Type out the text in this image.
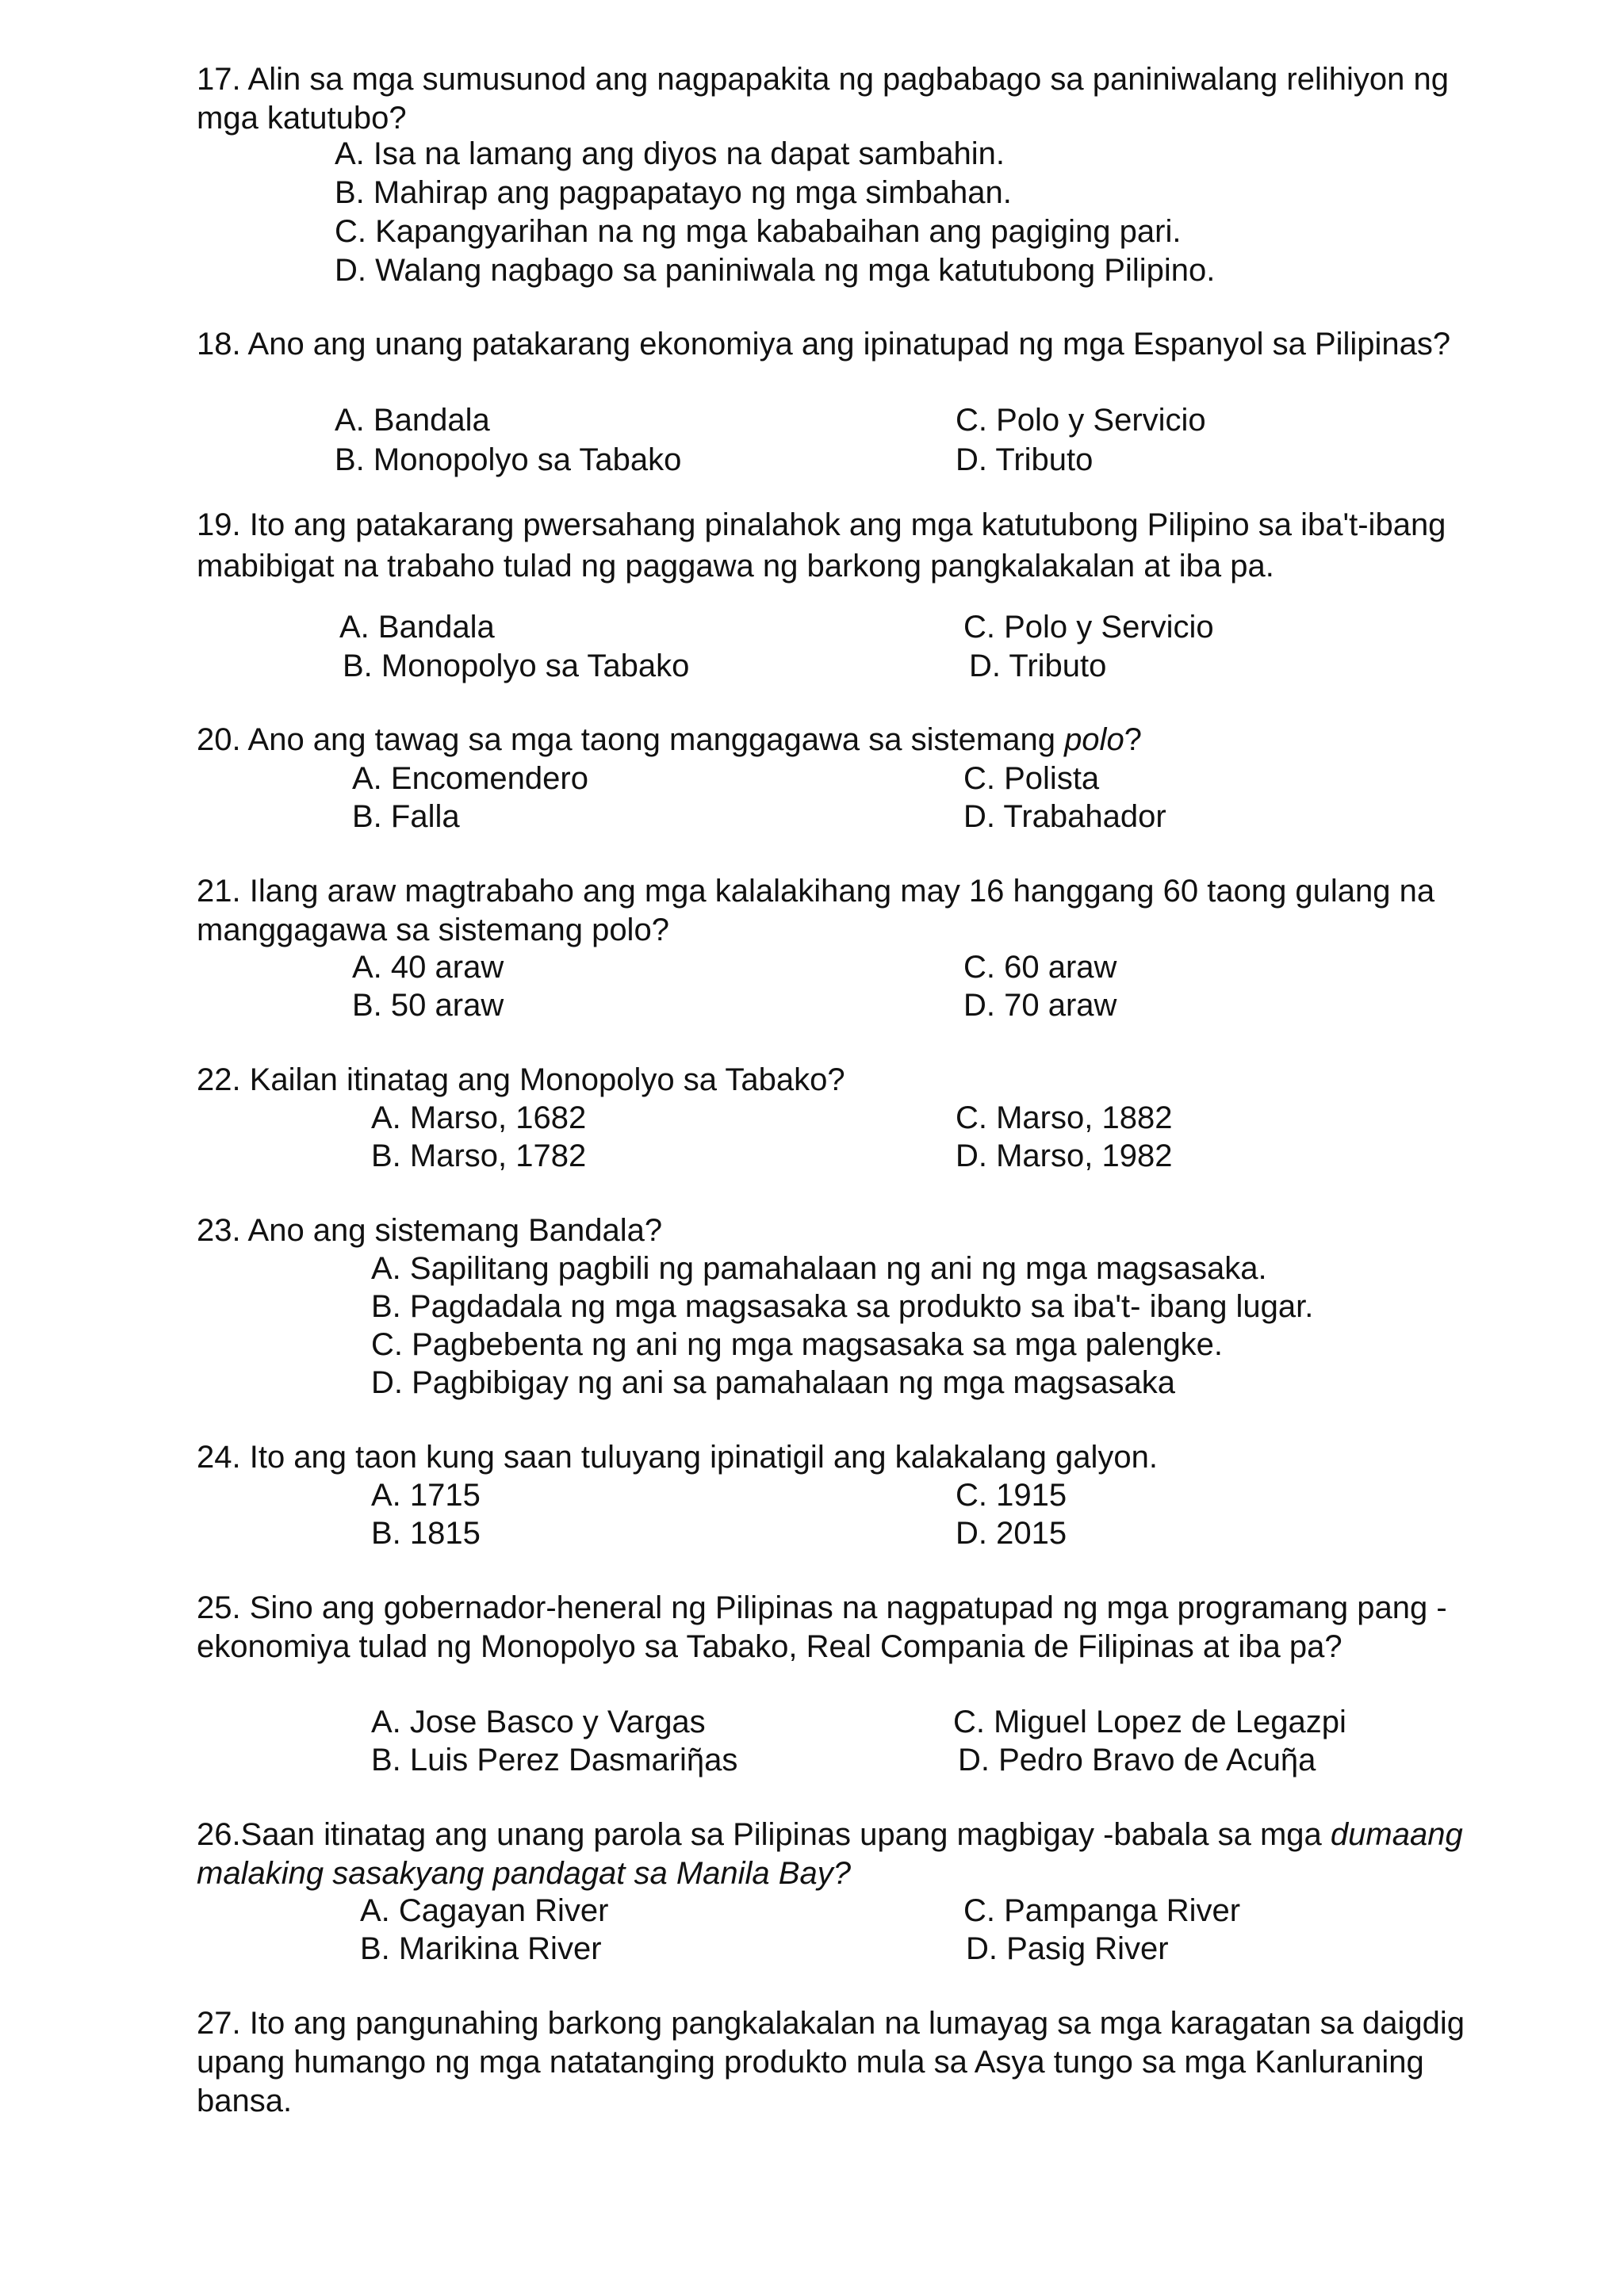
17. Alin sa mga sumusunod ang nagpapakita ng pagbabago sa paniniwalang relihiyon ng mga katutubo?

A. Isa na lamang ang diyos na dapat sambahin.
B. Mahirap ang pagpapatayo ng mga simbahan.
C. Kapangyarihan na ng mga kababaihan ang pagiging pari.
D. Walang nagbago sa paniniwala ng mga katutubong Pilipino.

18. Ano ang unang patakarang ekonomiya ang ipinatupad ng mga Espanyol sa Pilipinas?

A. Bandala
B. Monopolyo sa Tabako
C. Polo y Servicio
D. Tributo

19. Ito ang patakarang pwersahang pinalahok ang mga katutubong Pilipino sa iba't-ibang mabibigat na trabaho tulad ng paggawa ng barkong pangkalakalan at iba pa.

A. Bandala
B. Monopolyo sa Tabako
C. Polo y Servicio
D. Tributo

20. Ano ang tawag sa mga taong manggagawa sa sistemang polo?

A. Encomendero
B. Falla
C. Polista
D. Trabahador

21. Ilang araw magtrabaho ang mga kalalakihang may 16 hanggang 60 taong gulang na manggagawa sa sistemang polo?

A. 40 araw
B. 50 araw
C. 60 araw
D. 70 araw

22. Kailan itinatag ang Monopolyo sa Tabako?

A. Marso, 1682
B. Marso, 1782
C. Marso, 1882
D. Marso, 1982

23. Ano ang sistemang Bandala?

A. Sapilitang pagbili ng pamahalaan ng ani ng mga magsasaka.
B. Pagdadala ng mga magsasaka sa produkto sa iba't- ibang lugar.
C. Pagbebenta ng ani ng mga magsasaka sa mga palengke.
D. Pagbibigay ng ani sa pamahalaan ng mga magsasaka

24. Ito ang taon kung saan tuluyang ipinatigil ang kalakalang galyon.

A. 1715
B. 1815
C. 1915
D. 2015

25. Sino ang gobernador-heneral ng Pilipinas na nagpatupad ng mga programang pang -ekonomiya tulad ng Monopolyo sa Tabako, Real Compania de Filipinas at iba pa?

A. Jose Basco y Vargas
B. Luis Perez Dasmariῆas
C. Miguel Lopez de Legazpi
D. Pedro Bravo de Acuῆa

26.Saan itinatag ang unang parola sa Pilipinas upang magbigay -babala sa mga dumaang malaking sasakyang pandagat sa Manila Bay?

A. Cagayan River
B. Marikina River
C. Pampanga River
D. Pasig River

27. Ito ang pangunahing barkong pangkalakalan na lumayag sa mga karagatan sa daigdig upang humango ng mga natatanging produkto mula sa Asya tungo sa mga Kanluraning bansa.
